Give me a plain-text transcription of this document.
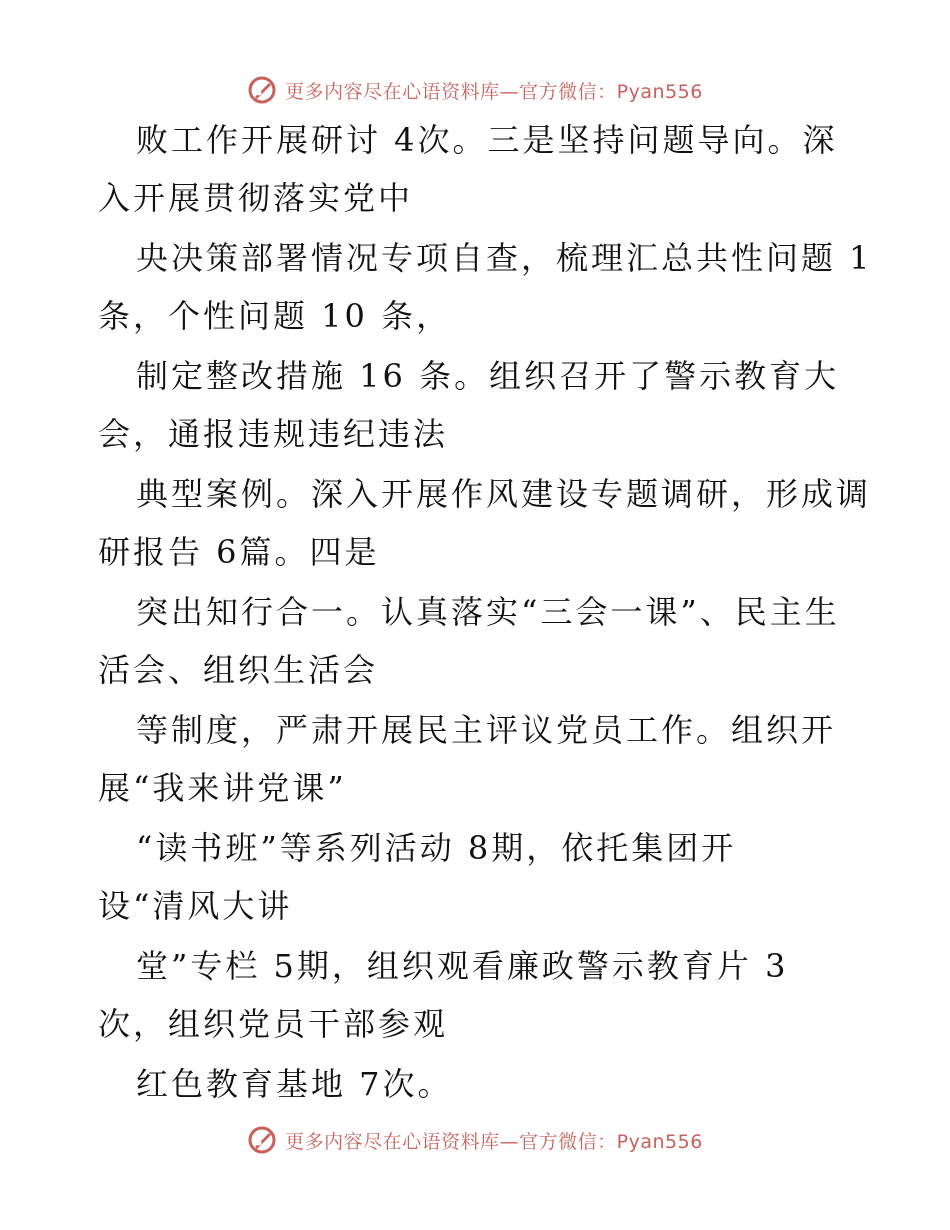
更多内容尽在心语资料库—官方微信：Pyan556
败工作开展研讨 4次。三是坚持问题导向。深
入开展贯彻落实党中
央决策部署情况专项自查，梳理汇总共性问题 1
条，个性问题 10 条，
制定整改措施 16 条。组织召开了警示教育大
会，通报违规违纪违法
典型案例。深入开展作风建设专题调研，形成调
研报告 6篇。四是
突出知行合一。认真落实“三会一课”、民主生
活会、组织生活会
等制度，严肃开展民主评议党员工作。组织开
展“我来讲党课”
“读书班”等系列活动 8期，依托集团开
设“清风大讲
堂”专栏 5期，组织观看廉政警示教育片 3
次，组织党员干部参观
红色教育基地 7次。
更多内容尽在心语资料库—官方微信：Pyan556
